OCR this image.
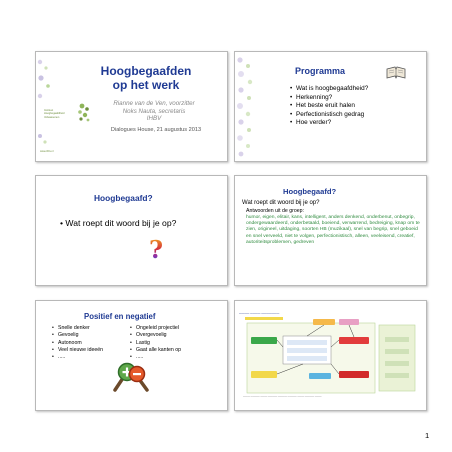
Instituut
Hoogbegaafdheid
Volwassenen
Hoogbegaafden
op het werk
Rianne van de Ven, voorzitter
Noks Nauta, secretaris
IHBV
Dialogues House, 21 augustus 2013
www.ihbv.nl
Programma
• Wat is hoogbegaafdheid?
• Herkenning?
• Het beste eruit halen
• Perfectionistisch gedrag
• Hoe verder?
Hoogbegaafd?
• Wat roept dit woord bij je op?
?
Hoogbegaafd?
Wat roept dit woord bij je op?
Antwoorden uit de groep:
humor, eigen, elitair, kans, intelligent, anders denkend, onderbenut, onbegrip, ondergewaardeerd, onderbetaald, boeiend, verwarrend, bedreiging, knap om te zien, origineel, uitdaging, soorten HB (muzikaal), snel van begrip, snel geboeid en snel verveeld, niet te volgen, perfectionistisch, alleen, veeleisend, creatief, autoriteitsproblemen, gedreven
Positief en negatief
• Snelle denker
• Gevoelig
• Autonoom
• Veel nieuwe ideeën
• .....
• Ongeleid projectiel
• Overgevoelig
• Lastig
• Gaat alle kanten op
• .....
———— ———— ———————
——— ———— ——— ———— ———— ———— ——— ———— ———
1
